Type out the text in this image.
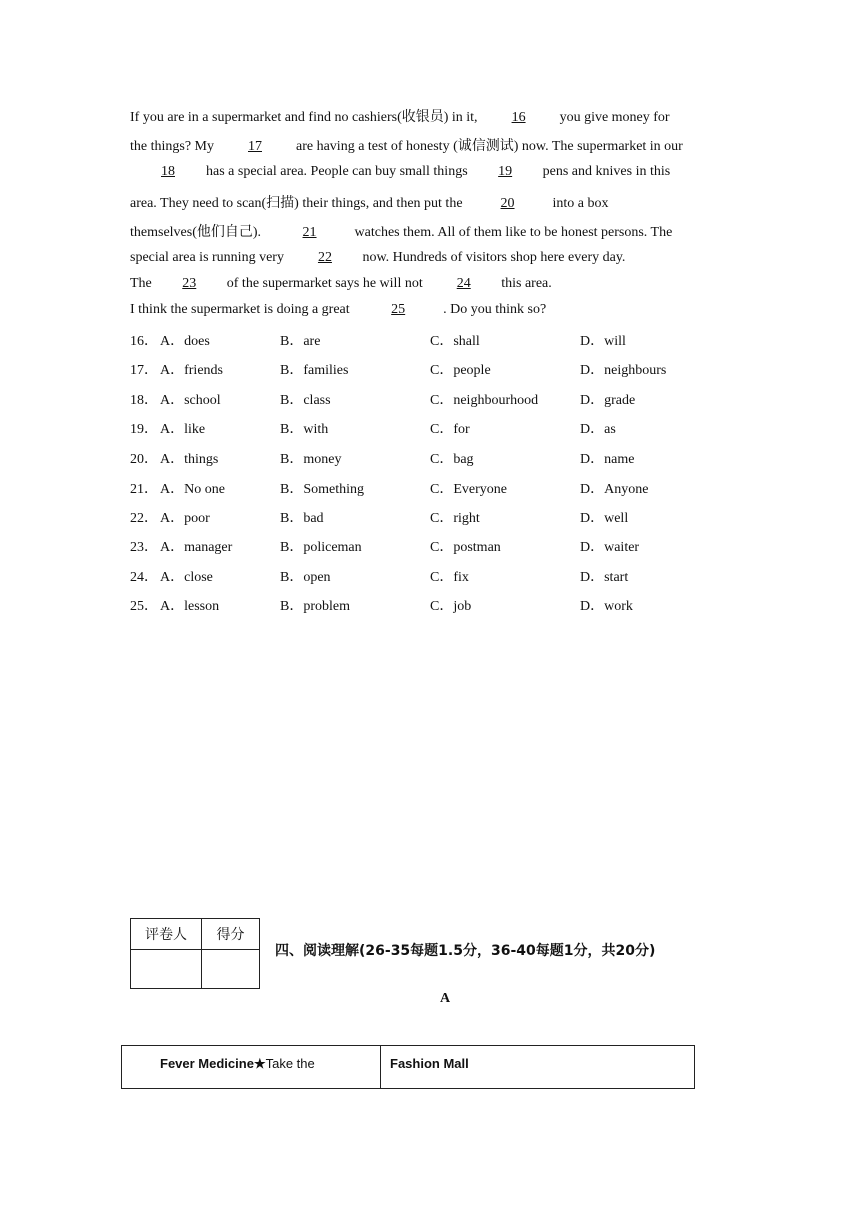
If you are in a supermarket and find no cashiers(收银员) in it, 16 you give money for
the things? My 17 are having a test of honesty (诚信测试) now. The supermarket in our
18 has a special area. People can buy small things 19 pens and knives in this
area. They need to scan(扫描) their things, and then put the	20	into a box
themselves(他们自己).	21	watches them. All of them like to be honest persons. The
special area is running very 22 now. Hundreds of visitors shop here every day.
The 23 of the supermarket says he will not 24 this area.
I think the supermarket is doing a great	25	. Do you think so?
16． A．does	B．are	C．shall	D．will
17． A．friends	B．families	C．people	D．neighbours
18． A．school	B．class	C．neighbourhood	D．grade
19． A．like	B．with	C．for	D．as
20． A．things	B．money	C．bag	D．name
21． A．No one	B．Something	C．Everyone	D．Anyone
22． A．poor	B．bad	C．right	D．well
23． A．manager	B．policeman	C．postman	D．waiter
24． A．close	B．open	C．fix	D．start
25． A．lesson	B．problem	C．job	D．work
评卷人	得分

四、阅读理解(26-35每题1.5分，36-40每题1分，共20分)
A
Fever Medicine★Take the	Fashion Mall
